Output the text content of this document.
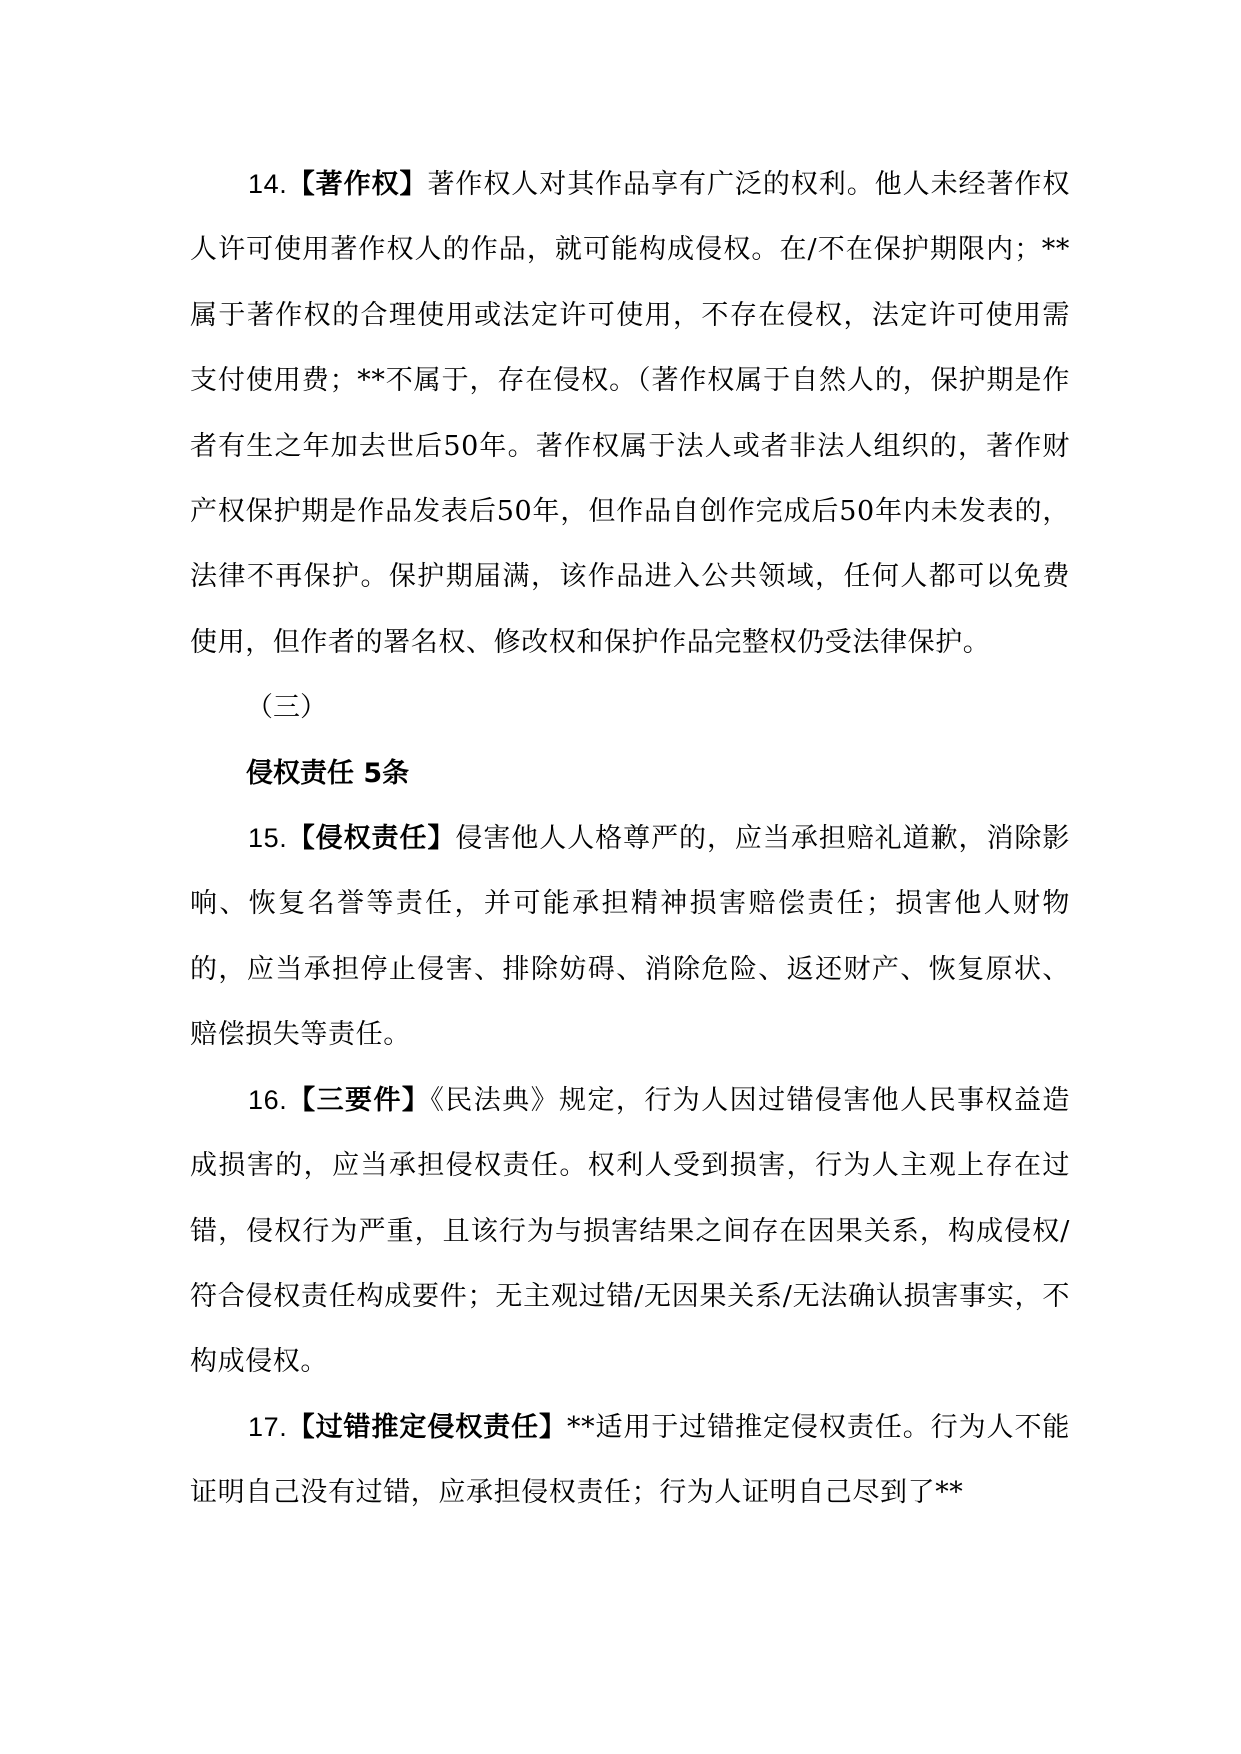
14.【著作权】著作权人对其作品享有广泛的权利。他人未经著作权人许可使用著作权人的作品，就可能构成侵权。在/不在保护期限内；**属于著作权的合理使用或法定许可使用，不存在侵权，法定许可使用需支付使用费；**不属于，存在侵权。（著作权属于自然人的，保护期是作者有生之年加去世后50年。著作权属于法人或者非法人组织的，著作财产权保护期是作品发表后50年，但作品自创作完成后50年内未发表的，法律不再保护。保护期届满，该作品进入公共领域，任何人都可以免费使用，但作者的署名权、修改权和保护作品完整权仍受法律保护。

（三）

侵权责任 5条

15.【侵权责任】侵害他人人格尊严的，应当承担赔礼道歉，消除影响、恢复名誉等责任，并可能承担精神损害赔偿责任；损害他人财物的，应当承担停止侵害、排除妨碍、消除危险、返还财产、恢复原状、赔偿损失等责任。

16.【三要件】《民法典》规定，行为人因过错侵害他人民事权益造成损害的，应当承担侵权责任。权利人受到损害，行为人主观上存在过错，侵权行为严重，且该行为与损害结果之间存在因果关系，构成侵权/符合侵权责任构成要件；无主观过错/无因果关系/无法确认损害事实，不构成侵权。

17.【过错推定侵权责任】**适用于过错推定侵权责任。行为人不能证明自己没有过错，应承担侵权责任；行为人证明自己尽到了**
